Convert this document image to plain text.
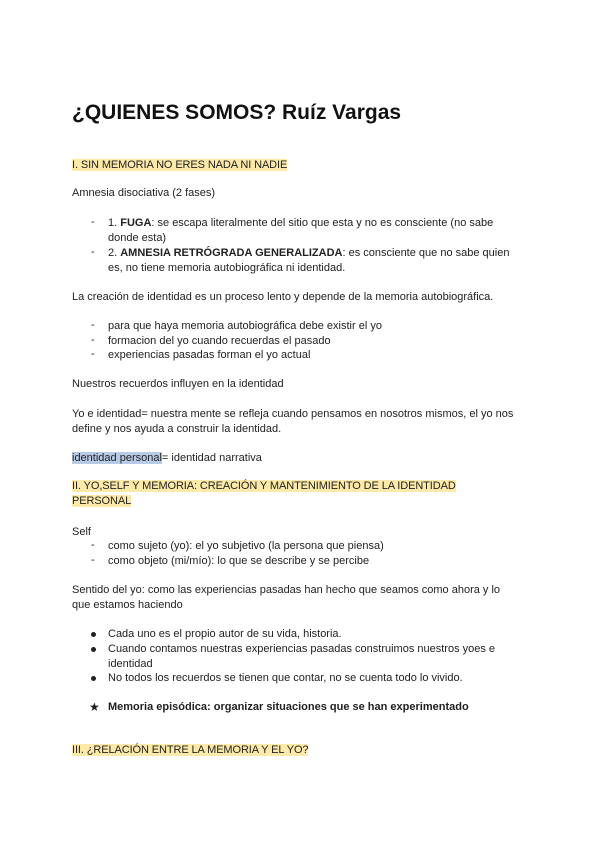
¿QUIENES SOMOS? Ruíz Vargas
I. SIN MEMORIA NO ERES NADA NI NADIE
Amnesia disociativa (2 fases)
- 1. FUGA: se escapa literalmente del sitio que esta y no es consciente (no sabe
donde esta)
- 2. AMNESIA RETRÓGRADA GENERALIZADA: es consciente que no sabe quien
es, no tiene memoria autobiográfica ni identidad.
La creación de identidad es un proceso lento y depende de la memoria autobiográfica.
- para que haya memoria autobiográfica debe existir el yo
- formacion del yo cuando recuerdas el pasado
- experiencias pasadas forman el yo actual
Nuestros recuerdos influyen en la identidad
Yo e identidad= nuestra mente se refleja cuando pensamos en nosotros mismos, el yo nos
define y nos ayuda a construir la identidad.
identidad personal= identidad narrativa
II. YO,SELF Y MEMORIA: CREACIÓN Y MANTENIMIENTO DE LA IDENTIDAD
PERSONAL
Self
- como sujeto (yo): el yo subjetivo (la persona que piensa)
- como objeto (mi/mío): lo que se describe y se percibe
Sentido del yo: como las experiencias pasadas han hecho que seamos como ahora y lo
que estamos haciendo
Cada uno es el propio autor de su vida, historia.
Cuando contamos nuestras experiencias pasadas construimos nuestros yoes e
identidad
No todos los recuerdos se tienen que contar, no se cuenta todo lo vivido.
★ Memoria episódica: organizar situaciones que se han experimentado
III. ¿RELACIÓN ENTRE LA MEMORIA Y EL YO?
